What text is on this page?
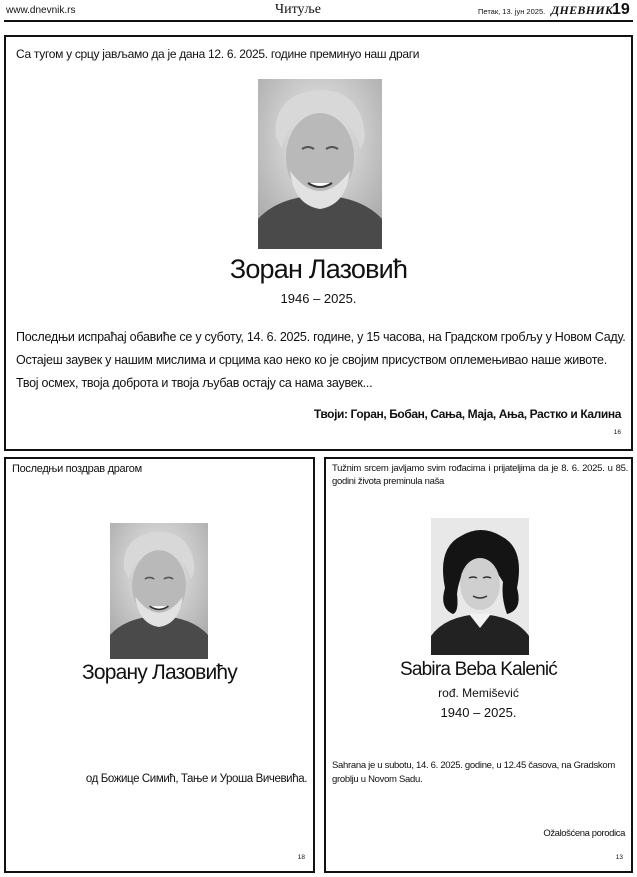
www.dnevnik.rs	Читуље	Петак, 13. јун 2025. ДНЕВНИК
19
Са тугом у срцу јављамо да је дана 12. 6. 2025. године преминуо наш драги
Зоран Лазовић
1946 – 2025.
Последњи испраћај обавиће се у суботу, 14. 6. 2025. године, у 15 часова, на Градском гробљу у Новом Саду.
Остајеш заувек у нашим мислима и срцима као неко ко је својим присуством оплемењивао наше животе.
Твој осмех, твоја доброта и твоја љубав остају са нама заувек...
Твоји: Горан, Бобан, Сања, Маја, Ања, Растко и Калина
16
Последњи поздрав драгом
Зорану Лазовићу
од Божице Симић, Тање и Уроша Вичевића.
18
Tužnim srcem javljamo svim rođacima i prijateljima da je 8. 6. 2025. u 85. godini života preminula naša
Sabira Beba Kalenić
rođ. Memišević
1940 – 2025.
Sahrana je u subotu, 14. 6. 2025. godine, u 12.45 časova, na Gradskom groblju u Novom Sadu.
Ožalošćena porodica
13
